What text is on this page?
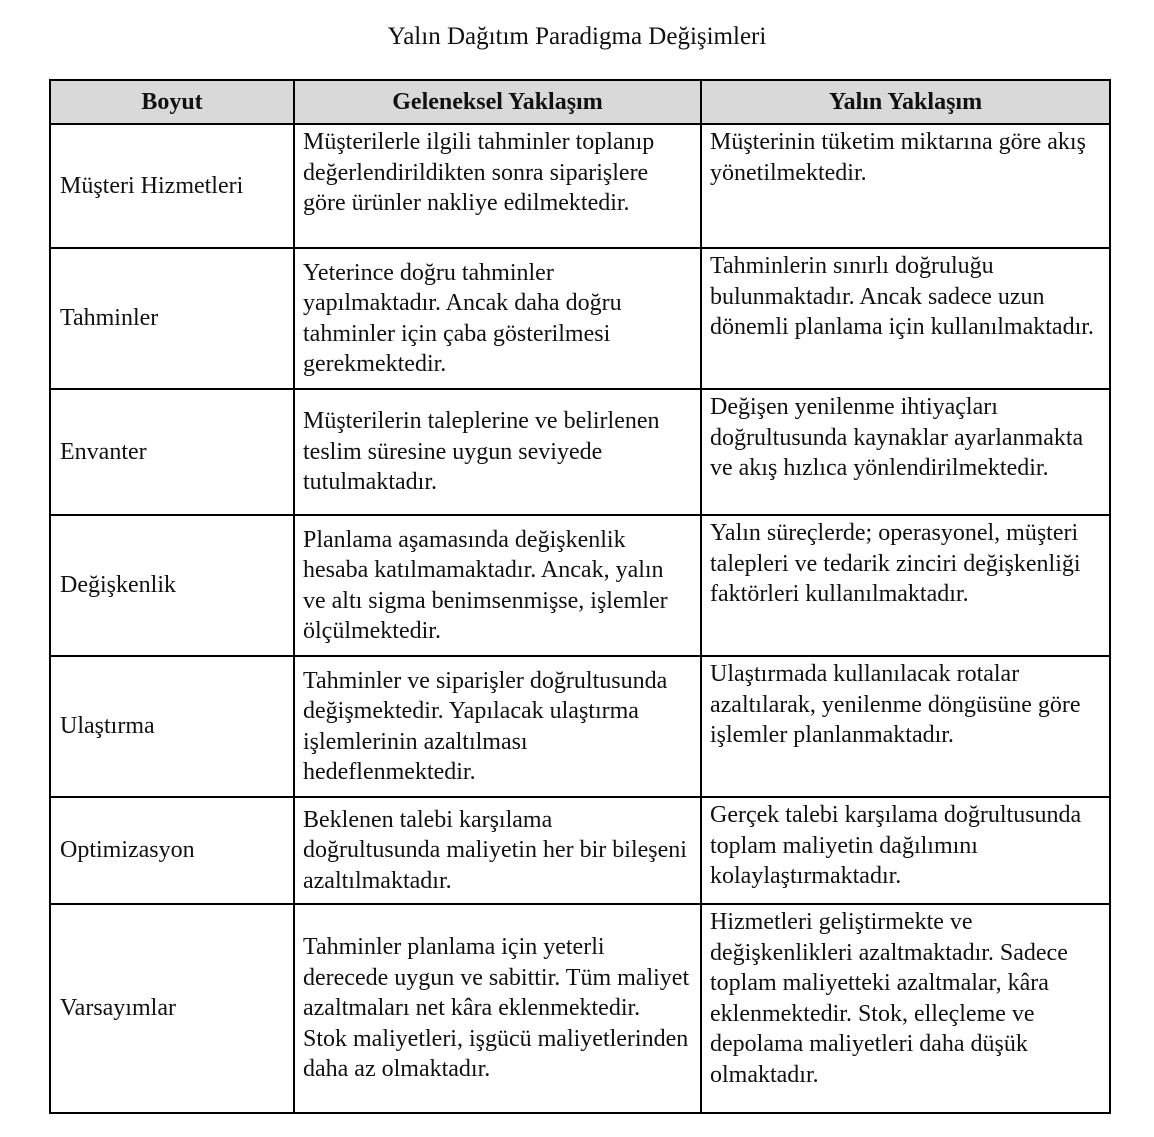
Yalın Dağıtım Paradigma Değişimleri
Boyut	Geleneksel Yaklaşım	Yalın Yaklaşım
Müşteri Hizmetleri	Müşterilerle ilgili tahminler toplanıp değerlendirildikten sonra siparişlere göre ürünler nakliye edilmektedir.	Müşterinin tüketim miktarına göre akış yönetilmektedir.
Tahminler	Yeterince doğru tahminler yapılmaktadır. Ancak daha doğru tahminler için çaba gösterilmesi gerekmektedir.	Tahminlerin sınırlı doğruluğu bulunmaktadır. Ancak sadece uzun dönemli planlama için kullanılmaktadır.
Envanter	Müşterilerin taleplerine ve belirlenen teslim süresine uygun seviyede tutulmaktadır.	Değişen yenilenme ihtiyaçları doğrultusunda kaynaklar ayarlanmakta ve akış hızlıca yönlendirilmektedir.
Değişkenlik	Planlama aşamasında değişkenlik hesaba katılmamaktadır. Ancak, yalın ve altı sigma benimsenmişse, işlemler ölçülmektedir.	Yalın süreçlerde; operasyonel, müşteri talepleri ve tedarik zinciri değişkenliği faktörleri kullanılmaktadır.
Ulaştırma	Tahminler ve siparişler doğrultusunda değişmektedir. Yapılacak ulaştırma işlemlerinin azaltılması hedeflenmektedir.	Ulaştırmada kullanılacak rotalar azaltılarak, yenilenme döngüsüne göre işlemler planlanmaktadır.
Optimizasyon	Beklenen talebi karşılama doğrultusunda maliyetin her bir bileşeni azaltılmaktadır.	Gerçek talebi karşılama doğrultusunda toplam maliyetin dağılımını kolaylaştırmaktadır.
Varsayımlar	Tahminler planlama için yeterli derecede uygun ve sabittir. Tüm maliyet azaltmaları net kâra eklenmektedir. Stok maliyetleri, işgücü maliyetlerinden daha az olmaktadır.	Hizmetleri geliştirmekte ve değişkenlikleri azaltmaktadır. Sadece toplam maliyetteki azaltmalar, kâra eklenmektedir. Stok, elleçleme ve depolama maliyetleri daha düşük olmaktadır.
